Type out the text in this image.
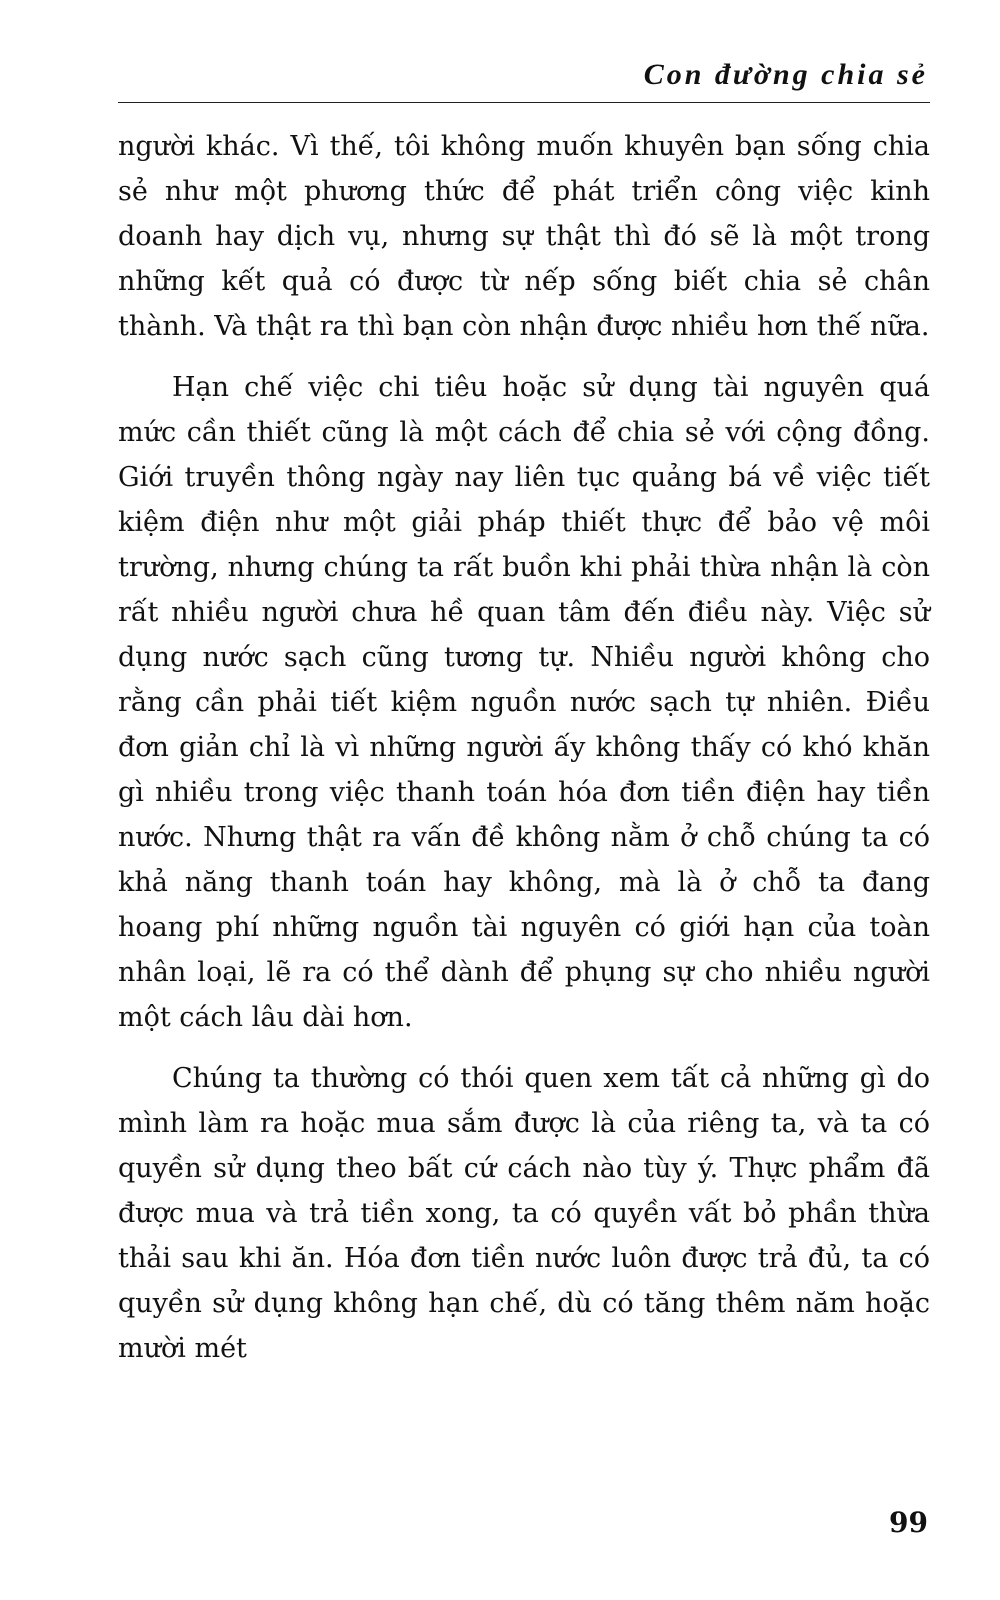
Con đường chia sẻ

người khác. Vì thế, tôi không muốn khuyên bạn sống chia sẻ như một phương thức để phát triển công việc kinh doanh hay dịch vụ, nhưng sự thật thì đó sẽ là một trong những kết quả có được từ nếp sống biết chia sẻ chân thành. Và thật ra thì bạn còn nhận được nhiều hơn thế nữa.

Hạn chế việc chi tiêu hoặc sử dụng tài nguyên quá mức cần thiết cũng là một cách để chia sẻ với cộng đồng. Giới truyền thông ngày nay liên tục quảng bá về việc tiết kiệm điện như một giải pháp thiết thực để bảo vệ môi trường, nhưng chúng ta rất buồn khi phải thừa nhận là còn rất nhiều người chưa hề quan tâm đến điều này. Việc sử dụng nước sạch cũng tương tự. Nhiều người không cho rằng cần phải tiết kiệm nguồn nước sạch tự nhiên. Điều đơn giản chỉ là vì những người ấy không thấy có khó khăn gì nhiều trong việc thanh toán hóa đơn tiền điện hay tiền nước. Nhưng thật ra vấn đề không nằm ở chỗ chúng ta có khả năng thanh toán hay không, mà là ở chỗ ta đang hoang phí những nguồn tài nguyên có giới hạn của toàn nhân loại, lẽ ra có thể dành để phụng sự cho nhiều người một cách lâu dài hơn.

Chúng ta thường có thói quen xem tất cả những gì do mình làm ra hoặc mua sắm được là của riêng ta, và ta có quyền sử dụng theo bất cứ cách nào tùy ý. Thực phẩm đã được mua và trả tiền xong, ta có quyền vất bỏ phần thừa thải sau khi ăn. Hóa đơn tiền nước luôn được trả đủ, ta có quyền sử dụng không hạn chế, dù có tăng thêm năm hoặc mười mét

99
